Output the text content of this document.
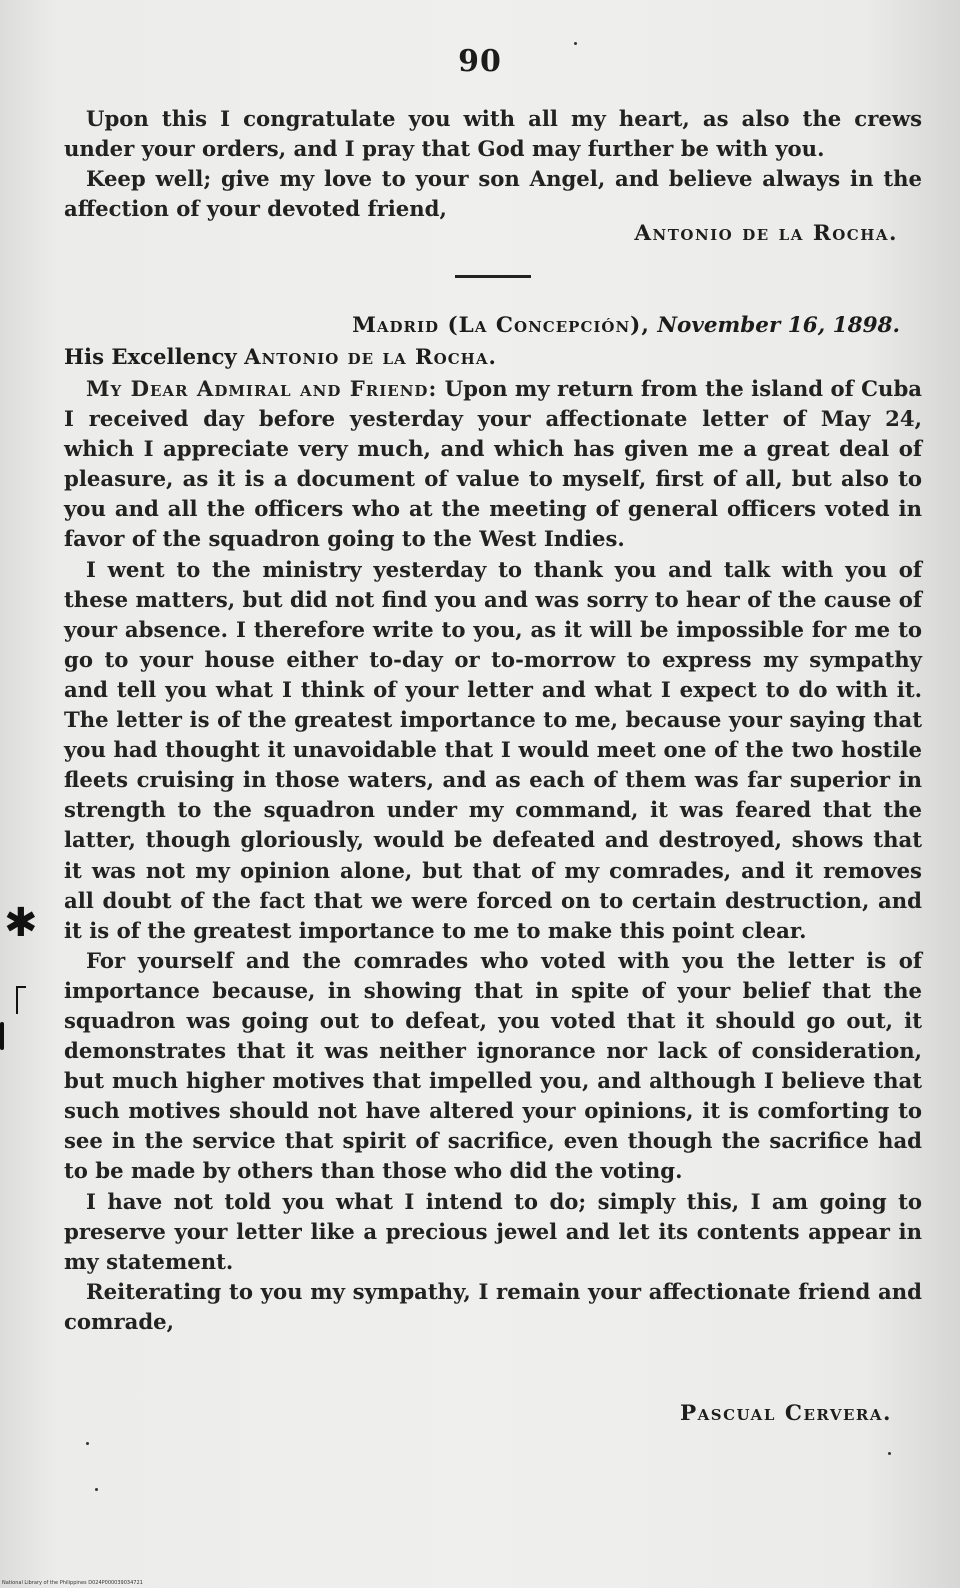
90

Upon this I congratulate you with all my heart, as also the crews under your orders, and I pray that God may further be with you.

Keep well; give my love to your son Angel, and believe always in the affection of your devoted friend,

Antonio de la Rocha.
Madrid (La Concepción), November 16, 1898.
His Excellency Antonio de la Rocha.

My Dear Admiral and Friend: Upon my return from the island of Cuba I received day before yesterday your affectionate letter of May 24, which I appreciate very much, and which has given me a great deal of pleasure, as it is a document of value to myself, first of all, but also to you and all the officers who at the meeting of general officers voted in favor of the squadron going to the West Indies.

I went to the ministry yesterday to thank you and talk with you of these matters, but did not find you and was sorry to hear of the cause of your absence. I therefore write to you, as it will be impossible for me to go to your house either to-day or to-morrow to express my sympathy and tell you what I think of your letter and what I expect to do with it. The letter is of the greatest importance to me, because your saying that you had thought it unavoidable that I would meet one of the two hostile fleets cruising in those waters, and as each of them was far superior in strength to the squadron under my command, it was feared that the latter, though gloriously, would be defeated and destroyed, shows that it was not my opinion alone, but that of my comrades, and it removes all doubt of the fact that we were forced on to certain destruction, and it is of the greatest importance to me to make this point clear.

For yourself and the comrades who voted with you the letter is of importance because, in showing that in spite of your belief that the squadron was going out to defeat, you voted that it should go out, it demonstrates that it was neither ignorance nor lack of consideration, but much higher motives that impelled you, and although I believe that such motives should not have altered your opinions, it is comforting to see in the service that spirit of sacrifice, even though the sacrifice had to be made by others than those who did the voting.

I have not told you what I intend to do; simply this, I am going to preserve your letter like a precious jewel and let its contents appear in my statement.

Reiterating to you my sympathy, I remain your affectionate friend and comrade,

Pascual Cervera.
✱
National Library of the Philippines D024P000039034721
